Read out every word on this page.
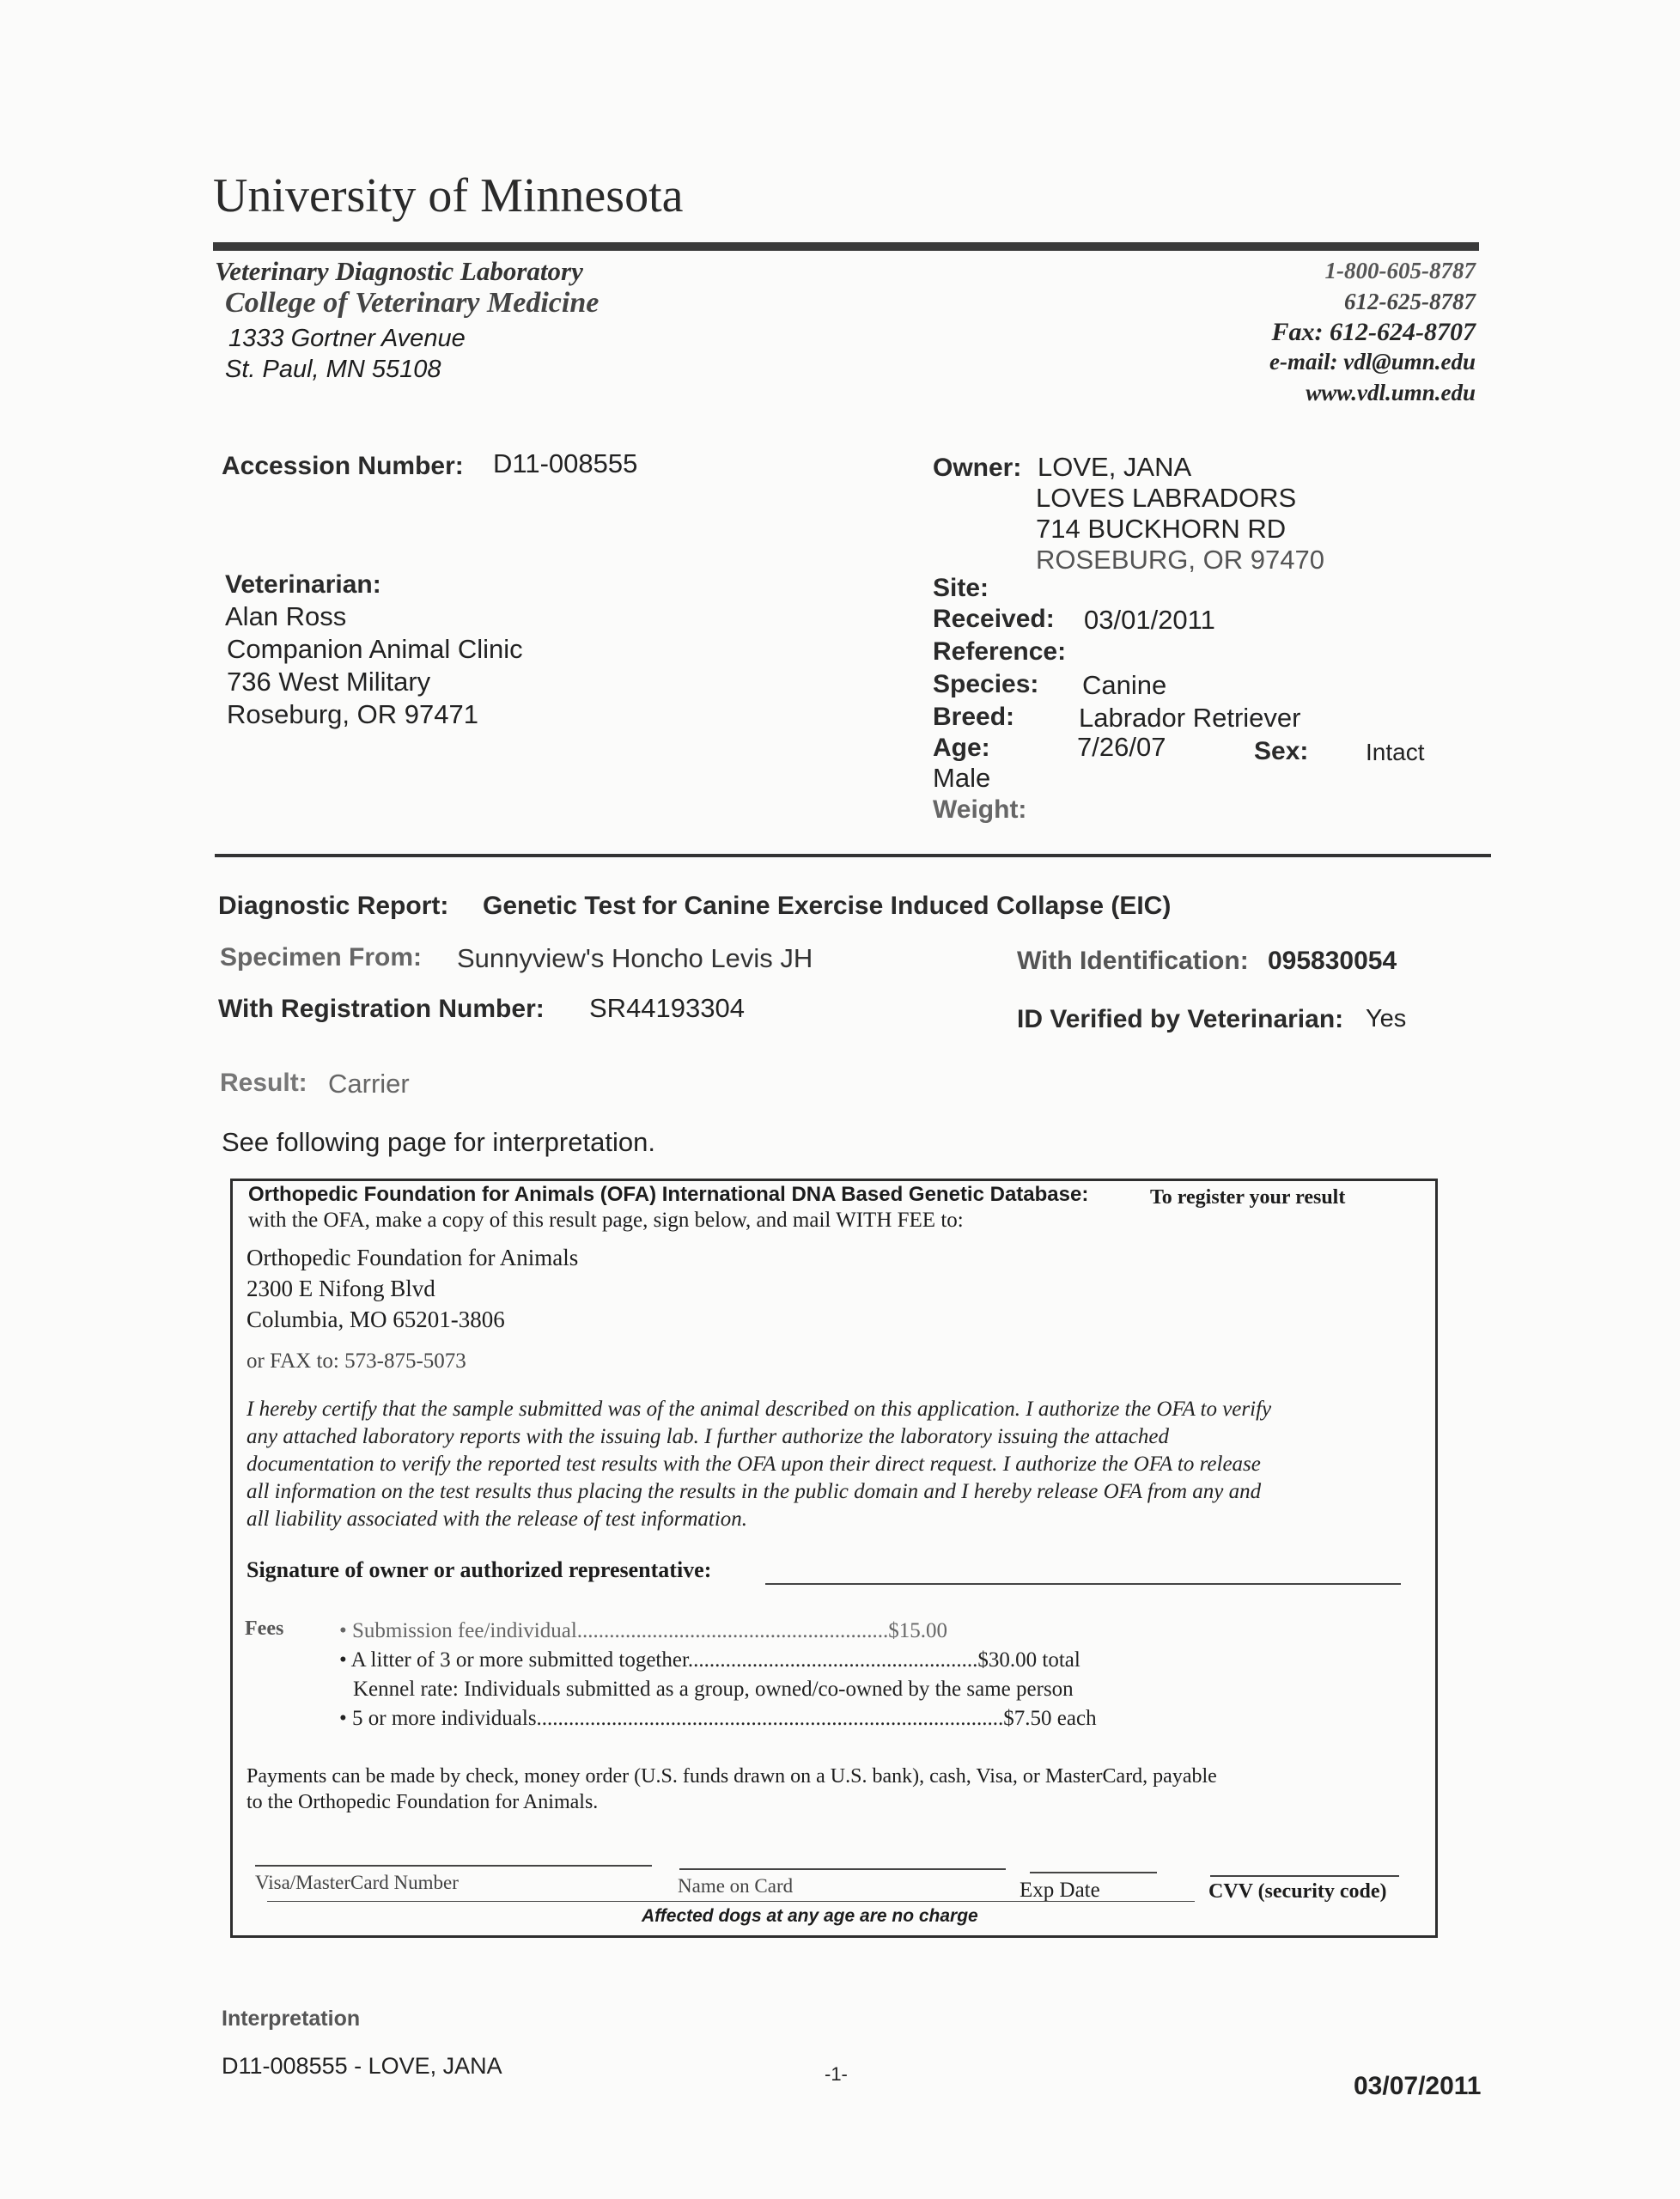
University of Minnesota
Veterinary Diagnostic Laboratory
College of Veterinary Medicine
1333 Gortner Avenue
St. Paul, MN 55108
1-800-605-8787
612-625-8787
Fax: 612-624-8707
e-mail: vdl@umn.edu
www.vdl.umn.edu
Accession Number: D11-008555	Owner: LOVE, JANA
LOVES LABRADORS
714 BUCKHORN RD
ROSEBURG, OR 97470
Veterinarian:
Alan Ross
Companion Animal Clinic
736 West Military
Roseburg, OR 97471
Site:
Received: 03/01/2011
Reference:
Species: Canine
Breed: Labrador Retriever
Age:	7/26/07	Sex: Intact
Male
Weight:
Diagnostic Report: Genetic Test for Canine Exercise Induced Collapse (EIC)
Specimen From: Sunnyview's Honcho Levis JH	With Identification: 095830054
With Registration Number: SR44193304	ID Verified by Veterinarian: Yes
Result: Carrier
See following page for interpretation.
Orthopedic Foundation for Animals (OFA) International DNA Based Genetic Database:	To register your result
with the OFA, make a copy of this result page, sign below, and mail WITH FEE to:
Orthopedic Foundation for Animals
2300 E Nifong Blvd
Columbia, MO 65201-3806
or FAX to: 573-875-5073
I hereby certify that the sample submitted was of the animal described on this application. I authorize the OFA to verify
any attached laboratory reports with the issuing lab. I further authorize the laboratory issuing the attached
documentation to verify the reported test results with the OFA upon their direct request. I authorize the OFA to release
all information on the test results thus placing the results in the public domain and I hereby release OFA from any and
all liability associated with the release of test information.
Signature of owner or authorized representative:
Fees	• Submission fee/individual..........................................................$15.00
• A litter of 3 or more submitted together......................................................$30.00 total
Kennel rate: Individuals submitted as a group, owned/co-owned by the same person
• 5 or more individuals.......................................................................................$7.50 each
Payments can be made by check, money order (U.S. funds drawn on a U.S. bank), cash, Visa, or MasterCard, payable
to the Orthopedic Foundation for Animals.
Visa/MasterCard Number	Name on Card	Exp Date	CVV (security code)
Affected dogs at any age are no charge
Interpretation
D11-008555 - LOVE, JANA	-1-	03/07/2011
